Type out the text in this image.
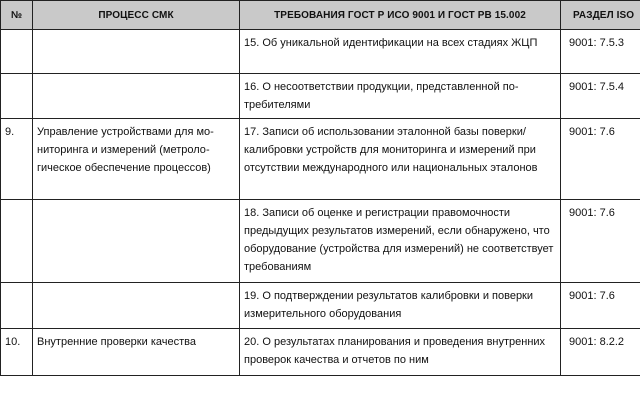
№	ПРОЦЕСС СМК	ТРЕБОВАНИЯ ГОСТ Р ИСО 9001 И ГОСТ РВ 15.002	РАЗДЕЛ ISO
		15. Об уникальной идентификации на всех стадиях ЖЦП	9001: 7.5.3
		16. О несоответствии продукции, представленной потребителями	9001: 7.5.4
9.	Управление устройствами для мониторинга и измерений (метрологическое обеспечение процессов)	17. Записи об использовании эталонной базы поверки/калибровки устройств для мониторинга и измерений при отсутствии международного или национальных эталонов	9001: 7.6
		18. Записи об оценке и регистрации правомочности предыдущих результатов измерений, если обнаружено, что оборудование (устройства для измерений) не соответствует требованиям	9001: 7.6
		19. О подтверждении результатов калибровки и поверки измерительного оборудования	9001: 7.6
10.	Внутренние проверки качества	20. О результатах планирования и проведения внутренних проверок качества и отчетов по ним	9001: 8.2.2
